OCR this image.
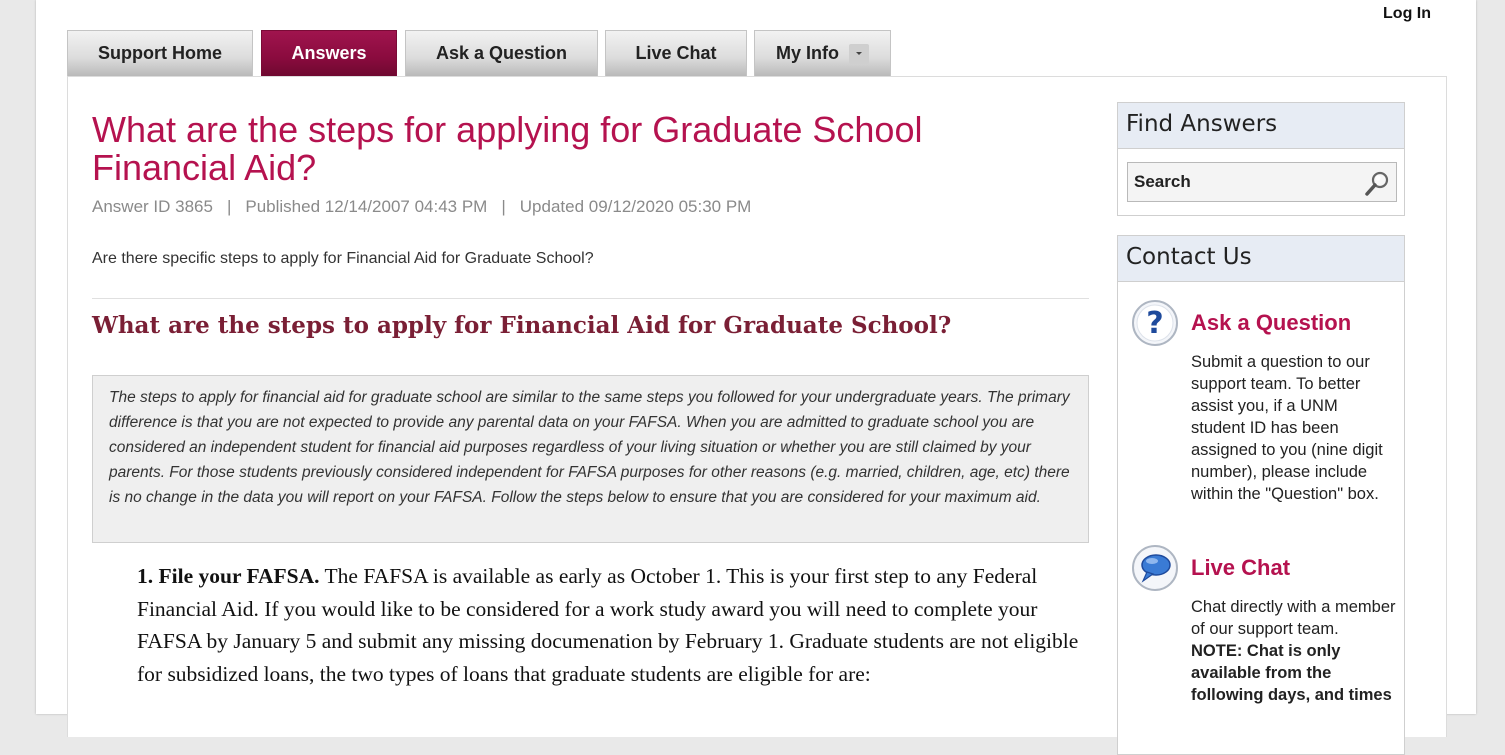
Log In
Support Home	Answers	Ask a Question	Live Chat	My Info
What are the steps for applying for Graduate School Financial Aid?
Answer ID 3865 | Published 12/14/2007 04:43 PM | Updated 09/12/2020 05:30 PM
Are there specific steps to apply for Financial Aid for Graduate School?
What are the steps to apply for Financial Aid for Graduate School?
The steps to apply for financial aid for graduate school are similar to the same steps you followed for your undergraduate years. The primary difference is that you are not expected to provide any parental data on your FAFSA. When you are admitted to graduate school you are considered an independent student for financial aid purposes regardless of your living situation or whether you are still claimed by your parents. For those students previously considered independent for FAFSA purposes for other reasons (e.g. married, children, age, etc) there is no change in the data you will report on your FAFSA. Follow the steps below to ensure that you are considered for your maximum aid.
1. File your FAFSA. The FAFSA is available as early as October 1. This is your first step to any Federal Financial Aid. If you would like to be considered for a work study award you will need to complete your FAFSA by January 5 and submit any missing documenation by February 1. Graduate students are not eligible for subsidized loans, the two types of loans that graduate students are eligible for are:
Find Answers
Search
Contact Us
? Ask a Question
Submit a question to our support team. To better assist you, if a UNM student ID has been assigned to you (nine digit number), please include within the "Question" box.
Live Chat
Chat directly with a member of our support team.
NOTE: Chat is only available from the following days, and times
